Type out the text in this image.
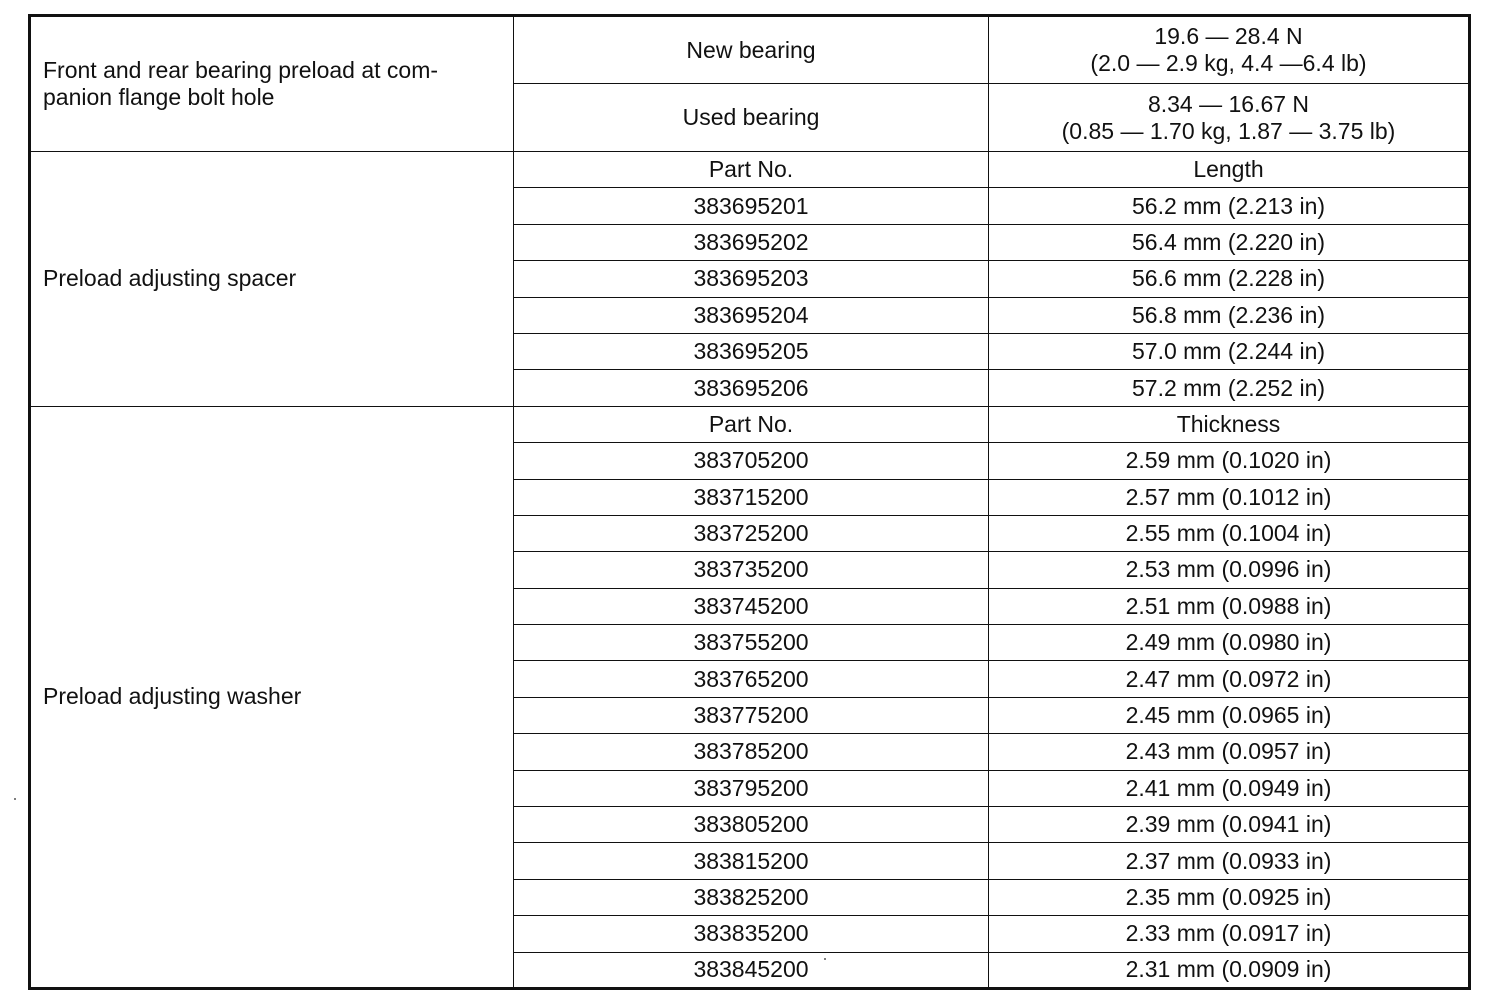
Front and rear bearing preload at com-
panion flange bolt hole	New bearing	19.6 — 28.4 N
(2.0 — 2.9 kg, 4.4 —6.4 lb)

	Used bearing	8.34 — 16.67 N
(0.85 — 1.70 kg, 1.87 — 3.75 lb)

Preload adjusting spacer	Part No.	Length
	383695201	56.2 mm (2.213 in)
	383695202	56.4 mm (2.220 in)
	383695203	56.6 mm (2.228 in)
	383695204	56.8 mm (2.236 in)
	383695205	57.0 mm (2.244 in)
	383695206	57.2 mm (2.252 in)
Preload adjusting washer	Part No.	Thickness
	383705200	2.59 mm (0.1020 in)
	383715200	2.57 mm (0.1012 in)
	383725200	2.55 mm (0.1004 in)
	383735200	2.53 mm (0.0996 in)
	383745200	2.51 mm (0.0988 in)
	383755200	2.49 mm (0.0980 in)
	383765200	2.47 mm (0.0972 in)
	383775200	2.45 mm (0.0965 in)
	383785200	2.43 mm (0.0957 in)
	383795200	2.41 mm (0.0949 in)
	383805200	2.39 mm (0.0941 in)
	383815200	2.37 mm (0.0933 in)
	383825200	2.35 mm (0.0925 in)
	383835200	2.33 mm (0.0917 in)
	383845200	2.31 mm (0.0909 in)
